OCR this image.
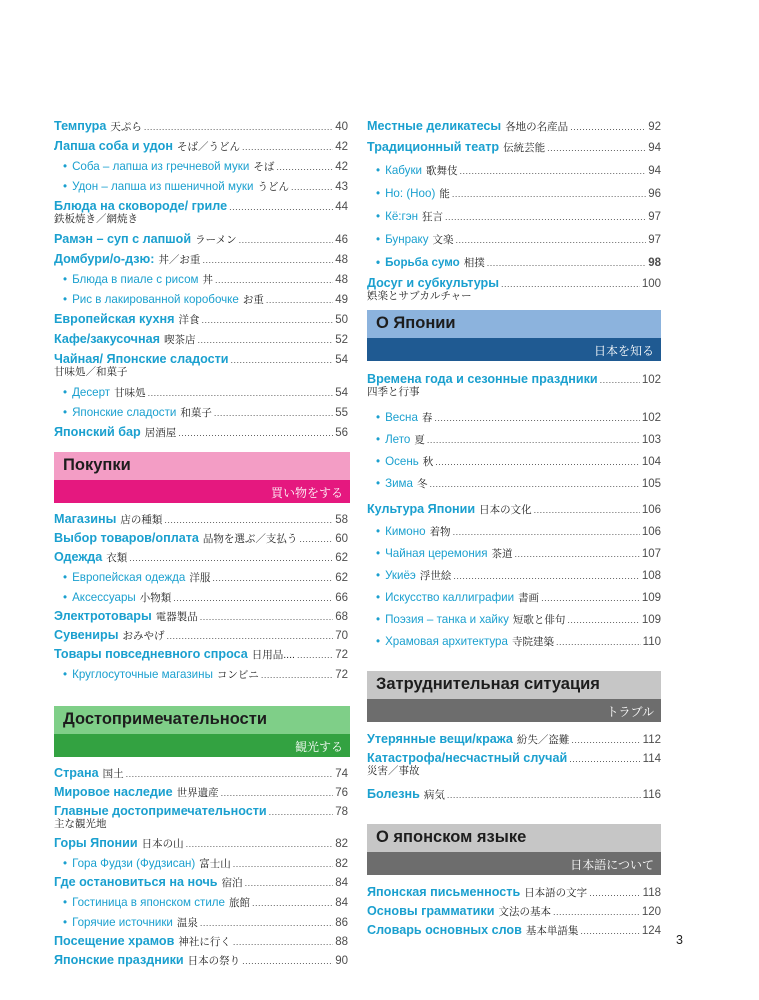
Темпура 天ぷら .....	40
Лапша соба и удон そば／うどん .....	42
• Соба – лапша из гречневой муки そば .....	42
• Удон – лапша из пшеничной муки うどん .....	43
Блюда на сковороде/ гриле .....	44
鉄板焼き／網焼き
Рамэн – суп с лапшой ラーメン .....	46
Домбури/о-дзю: 丼／お重 .....	48
• Блюда в пиале с рисом 丼 .....	48
• Рис в лакированной коробочке お重 .....	49
Европейская кухня 洋食 .....	50
Кафе/закусочная 喫茶店 .....	52
Чайная/ Японские сладости .....	54
甘味処／和菓子
• Десерт 甘味処 .....	54
• Японские сладости 和菓子 .....	55
Японский бар 居酒屋 .....	56
Покупки
買い物をする
Магазины 店の種類 .....	58
Выбор товаров/оплата 品物を選ぶ／支払う .....	60
Одежда 衣類 .....	62
• Европейская одежда 洋服 .....	62
• Аксессуары 小物類 .....	66
Электротовары 電器製品 .....	68
Сувениры おみやげ .....	70
Товары повседневного спроса 日用品.... .....	72
• Круглосуточные магазины コンビニ .....	72
Достопримечательности
観光する
Страна 国土 .....	74
Мировое наследие 世界遺産 .....	76
Главные достопримечательности .....	78
主な観光地
Горы Японии 日本の山 .....	82
• Гора Фудзи (Фудзисан) 富士山 .....	82
Где остановиться на ночь 宿泊 .....	84
• Гостиница в японском стиле 旅館 .....	84
• Горячие источники 温泉 .....	86
Посещение храмов 神社に行く .....	88
Японские праздники 日本の祭り .....	90
Местные деликатесы 各地の名産品 .....	92
Традиционный театр 伝統芸能 .....	94
• Кабуки 歌舞伎 .....	94
• Но: (Ноо) 能 .....	96
• Кё:гэн 狂言 .....	97
• Бунраку 文楽 .....	97
• Борьба сумо 相撲 .....	98
Досуг и субкультуры .....	100
娯楽とサブカルチャー
О Японии
日本を知る
Времена года и сезонные праздники .....	102
四季と行事
• Весна 春 .....	102
• Лето 夏 .....	103
• Осень 秋 .....	104
• Зима 冬 .....	105
Культура Японии 日本の文化 .....	106
• Кимоно 着物 .....	106
• Чайная церемония 茶道 .....	107
• Укиёэ 浮世絵 .....	108
• Искусство каллиграфии 書画 .....	109
• Поэзия – танка и хайку 短歌と俳句 .....	109
• Храмовая архитектура 寺院建築 .....	110
Затруднительная ситуация
トラブル
Утерянные вещи/кража 紛失／盗難 .....	112
Катастрофа/несчастный случай .....	114
災害／事故
Болезнь 病気 .....	116
О японском языке
日本語について
Японская письменность 日本語の文字 .....	118
Основы грамматики 文法の基本 .....	120
Словарь основных слов 基本単語集 .....	124
3
